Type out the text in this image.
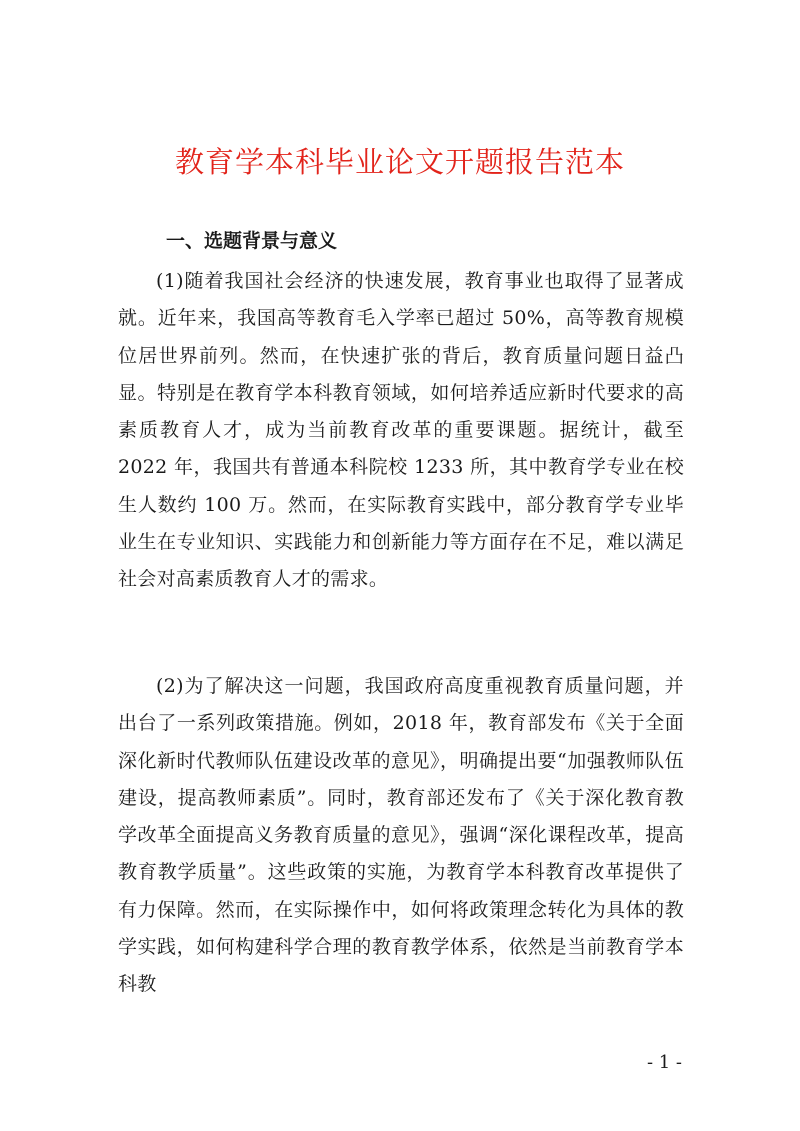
教育学本科毕业论文开题报告范本
一、选题背景与意义

(1)随着我国社会经济的快速发展，教育事业也取得了显著成就。近年来，我国高等教育毛入学率已超过 50%，高等教育规模位居世界前列。然而，在快速扩张的背后，教育质量问题日益凸显。特别是在教育学本科教育领域，如何培养适应新时代要求的高素质教育人才，成为当前教育改革的重要课题。据统计，截至 2022 年，我国共有普通本科院校 1233 所，其中教育学专业在校生人数约 100 万。然而，在实际教育实践中，部分教育学专业毕业生在专业知识、实践能力和创新能力等方面存在不足，难以满足社会对高素质教育人才的需求。

(2)为了解决这一问题，我国政府高度重视教育质量问题，并出台了一系列政策措施。例如，2018 年，教育部发布《关于全面深化新时代教师队伍建设改革的意见》，明确提出要“加强教师队伍建设，提高教师素质”。同时，教育部还发布了《关于深化教育教学改革全面提高义务教育质量的意见》，强调“深化课程改革，提高教育教学质量”。这些政策的实施，为教育学本科教育改革提供了有力保障。然而，在实际操作中，如何将政策理念转化为具体的教学实践，如何构建科学合理的教育教学体系，依然是当前教育学本科教

- 1 -
